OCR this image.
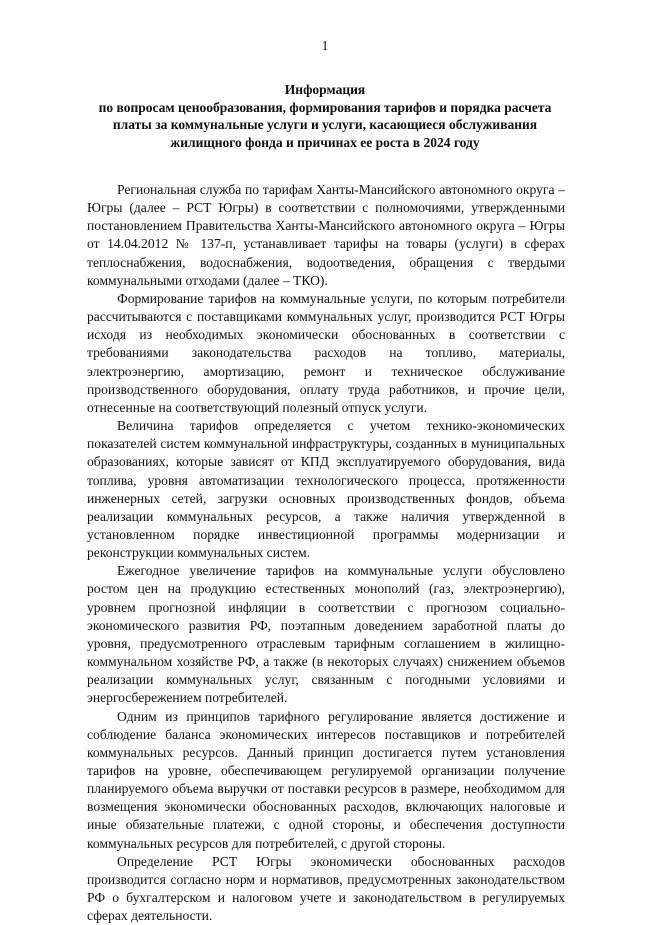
1
Информация
по вопросам ценообразования, формирования тарифов и порядка расчета
платы за коммунальные услуги и услуги, касающиеся обслуживания
жилищного фонда и причинах ее роста в 2024 году

Региональная служба по тарифам Ханты-Мансийского автономного округа – Югры (далее – РСТ Югры) в соответствии с полномочиями, утвержденными постановлением Правительства Ханты-Мансийского автономного округа – Югры от 14.04.2012 № 137-п, устанавливает тарифы на товары (услуги) в сферах теплоснабжения, водоснабжения, водоотведения, обращения с твердыми коммунальными отходами (далее – ТКО).

Формирование тарифов на коммунальные услуги, по которым потребители рассчитываются с поставщиками коммунальных услуг, производится РСТ Югры исходя из необходимых экономически обоснованных в соответствии с требованиями законодательства расходов на топливо, материалы, электроэнергию, амортизацию, ремонт и техническое обслуживание производственного оборудования, оплату труда работников, и прочие цели, отнесенные на соответствующий полезный отпуск услуги.

Величина тарифов определяется с учетом технико-экономических показателей систем коммунальной инфраструктуры, созданных в муниципальных образованиях, которые зависят от КПД эксплуатируемого оборудования, вида топлива, уровня автоматизации технологического процесса, протяженности инженерных сетей, загрузки основных производственных фондов, объема реализации коммунальных ресурсов, а также наличия утвержденной в установленном порядке инвестиционной программы модернизации и реконструкции коммунальных систем.

Ежегодное увеличение тарифов на коммунальные услуги обусловлено ростом цен на продукцию естественных монополий (газ, электроэнергию), уровнем прогнозной инфляции в соответствии с прогнозом социально-экономического развития РФ, поэтапным доведением заработной платы до уровня, предусмотренного отраслевым тарифным соглашением в жилищно-коммунальном хозяйстве РФ, а также (в некоторых случаях) снижением объемов реализации коммунальных услуг, связанным с погодными условиями и энергосбережением потребителей.

Одним из принципов тарифного регулирование является достижение и соблюдение баланса экономических интересов поставщиков и потребителей коммунальных ресурсов. Данный принцип достигается путем установления тарифов на уровне, обеспечивающем регулируемой организации получение планируемого объема выручки от поставки ресурсов в размере, необходимом для возмещения экономически обоснованных расходов, включающих налоговые и иные обязательные платежи, с одной стороны, и обеспечения доступности коммунальных ресурсов для потребителей, с другой стороны.

Определение РСТ Югры экономически обоснованных расходов производится согласно норм и нормативов, предусмотренных законодательством РФ о бухгалтерском и налоговом учете и законодательством в регулируемых сферах деятельности.
